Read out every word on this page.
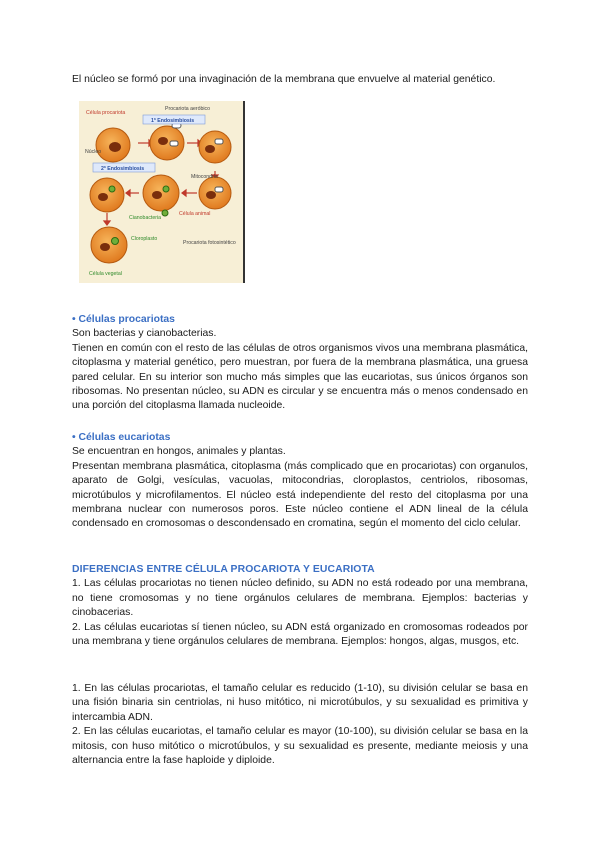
El núcleo se formó por una invaginación de la membrana que envuelve al material genético.
Procariota aeróbico
Célula procariota
1ª Endosimbiosis
Núcleo
2ª Endosimbiosis
Mitocondria
Célula animal
Cianobacteria
Cloroplasto
Procariota fotosintético
Célula vegetal

• Células procariotas

Son bacterias y cianobacterias.

Tienen en común con el resto de las células de otros organismos vivos una membrana plasmática, citoplasma y material genético, pero muestran, por fuera de la membrana plasmática, una gruesa pared celular. En su interior son mucho más simples que las eucariotas, sus únicos órganos son ribosomas. No presentan núcleo, su ADN es circular y se encuentra más o menos condensado en una porción del citoplasma llamada nucleoide.

• Células eucariotas

Se encuentran en hongos, animales y plantas.

Presentan membrana plasmática, citoplasma (más complicado que en procariotas) con organulos, aparato de Golgi, vesículas, vacuolas, mitocondrias, cloroplastos, centriolos, ribosomas, microtúbulos y microfilamentos. El núcleo está independiente del resto del citoplasma por una membrana nuclear con numerosos poros. Este núcleo contiene el ADN lineal de la célula condensado en cromosomas o descondensado en cromatina, según el momento del ciclo celular.

DIFERENCIAS ENTRE CÉLULA PROCARIOTA Y EUCARIOTA

1. Las células procariotas no tienen núcleo definido, su ADN no está rodeado por una membrana, no tiene cromosomas y no tiene orgánulos celulares de membrana. Ejemplos: bacterias y cinobacerias.

2. Las células eucariotas sí tienen núcleo, su ADN está organizado en cromosomas rodeados por una membrana y tiene orgánulos celulares de membrana. Ejemplos: hongos, algas, musgos, etc.

1. En las células procariotas, el tamaño celular es reducido (1-10), su división celular se basa en una fisión binaria sin centriolas, ni huso mitótico, ni microtúbulos, y su sexualidad es primitiva y intercambia ADN.

2. En las células eucariotas, el tamaño celular es mayor (10-100), su división celular se basa en la mitosis, con huso mitótico o microtúbulos, y su sexualidad es presente, mediante meiosis y una alternancia entre la fase haploide y diploide.
